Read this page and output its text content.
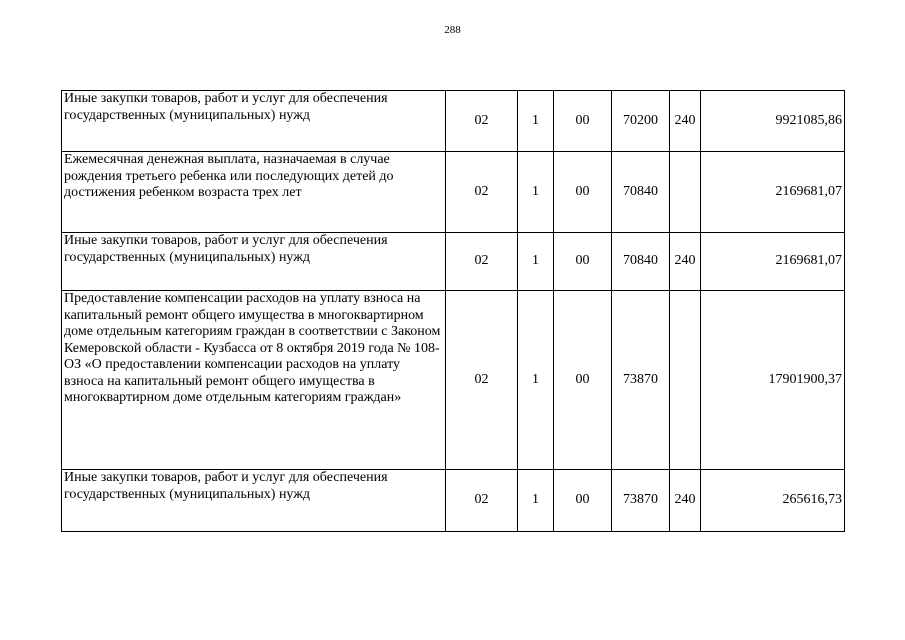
288
Иные закупки товаров, работ и услуг для обеспечения государственных (муниципальных) нужд	02	1	00	70200	240	9921085,86
Ежемесячная денежная выплата, назначаемая в случае рождения третьего ребенка или последующих детей до достижения ребенком возраста трех лет	02	1	00	70840		2169681,07
Иные закупки товаров, работ и услуг для обеспечения государственных (муниципальных) нужд	02	1	00	70840	240	2169681,07
Предоставление компенсации расходов на уплату взноса на капитальный ремонт общего имущества в многоквартирном доме отдельным категориям граждан в соответствии с Законом Кемеровской области - Кузбасса от 8 октября 2019 года № 108-ОЗ «О предоставлении компенсации расходов на уплату взноса на капитальный ремонт общего имущества в многоквартирном доме отдельным категориям граждан»	02	1	00	73870		17901900,37
Иные закупки товаров, работ и услуг для обеспечения государственных (муниципальных) нужд	02	1	00	73870	240	265616,73
